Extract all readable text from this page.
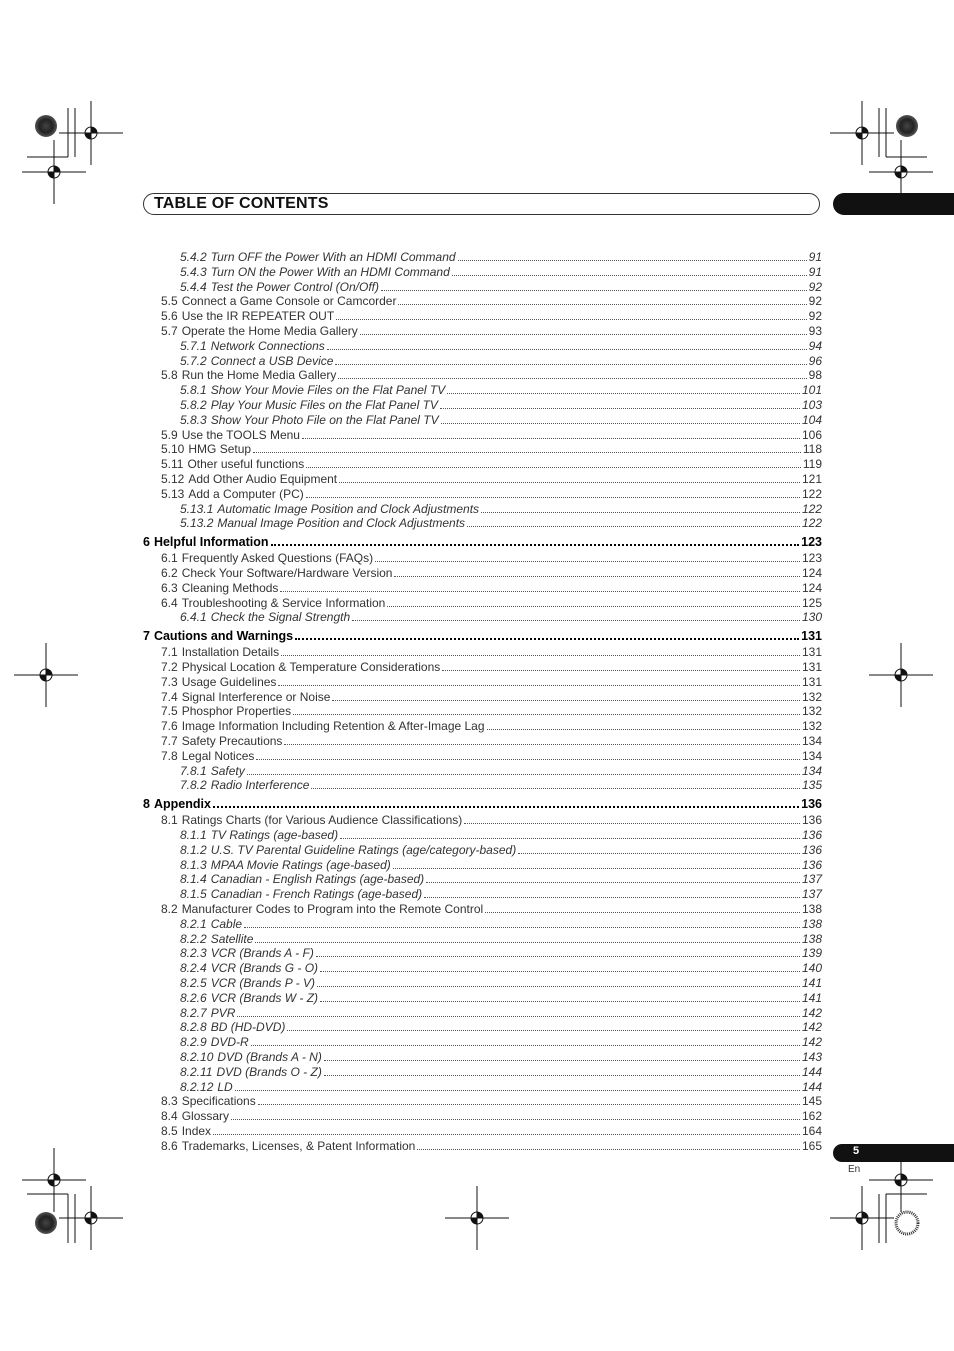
TABLE OF CONTENTS
5.4.2 Turn OFF the Power With an HDMI Command	91
5.4.3 Turn ON the Power With an HDMI Command	91
5.4.4 Test the Power Control (On/Off)	92
5.5 Connect a Game Console or Camcorder	92
5.6 Use the IR REPEATER OUT	92
5.7 Operate the Home Media Gallery	93
5.7.1 Network Connections	94
5.7.2 Connect a USB Device	96
5.8 Run the Home Media Gallery	98
5.8.1 Show Your Movie Files on the Flat Panel TV	101
5.8.2 Play Your Music Files on the Flat Panel TV	103
5.8.3 Show Your Photo File on the Flat Panel TV	104
5.9 Use the TOOLS Menu	106
5.10 HMG Setup	118
5.11 Other useful functions	119
5.12 Add Other Audio Equipment	121
5.13 Add a Computer (PC)	122
5.13.1 Automatic Image Position and Clock Adjustments	122
5.13.2 Manual Image Position and Clock Adjustments	122
6 Helpful Information	123
6.1 Frequently Asked Questions (FAQs)	123
6.2 Check Your Software/Hardware Version	124
6.3 Cleaning Methods	124
6.4 Troubleshooting & Service Information	125
6.4.1 Check the Signal Strength	130
7 Cautions and Warnings	131
7.1 Installation Details	131
7.2 Physical Location & Temperature Considerations	131
7.3 Usage Guidelines	131
7.4 Signal Interference or Noise	132
7.5 Phosphor Properties	132
7.6 Image Information Including Retention & After-Image Lag	132
7.7 Safety Precautions	134
7.8 Legal Notices	134
7.8.1 Safety	134
7.8.2 Radio Interference	135
8 Appendix	136
8.1 Ratings Charts (for Various Audience Classifications)	136
8.1.1 TV Ratings (age-based)	136
8.1.2 U.S. TV Parental Guideline Ratings (age/category-based)	136
8.1.3 MPAA Movie Ratings (age-based)	136
8.1.4 Canadian - English Ratings (age-based)	137
8.1.5 Canadian - French Ratings (age-based)	137
8.2 Manufacturer Codes to Program into the Remote Control	138
8.2.1 Cable	138
8.2.2 Satellite	138
8.2.3 VCR (Brands A - F)	139
8.2.4 VCR (Brands G - O)	140
8.2.5 VCR (Brands P - V)	141
8.2.6 VCR (Brands W - Z)	141
8.2.7 PVR	142
8.2.8 BD (HD-DVD)	142
8.2.9 DVD-R	142
8.2.10 DVD (Brands A - N)	143
8.2.11 DVD (Brands O - Z)	144
8.2.12 LD	144
8.3 Specifications	145
8.4 Glossary	162
8.5 Index	164
8.6 Trademarks, Licenses, & Patent Information	165	5
En
